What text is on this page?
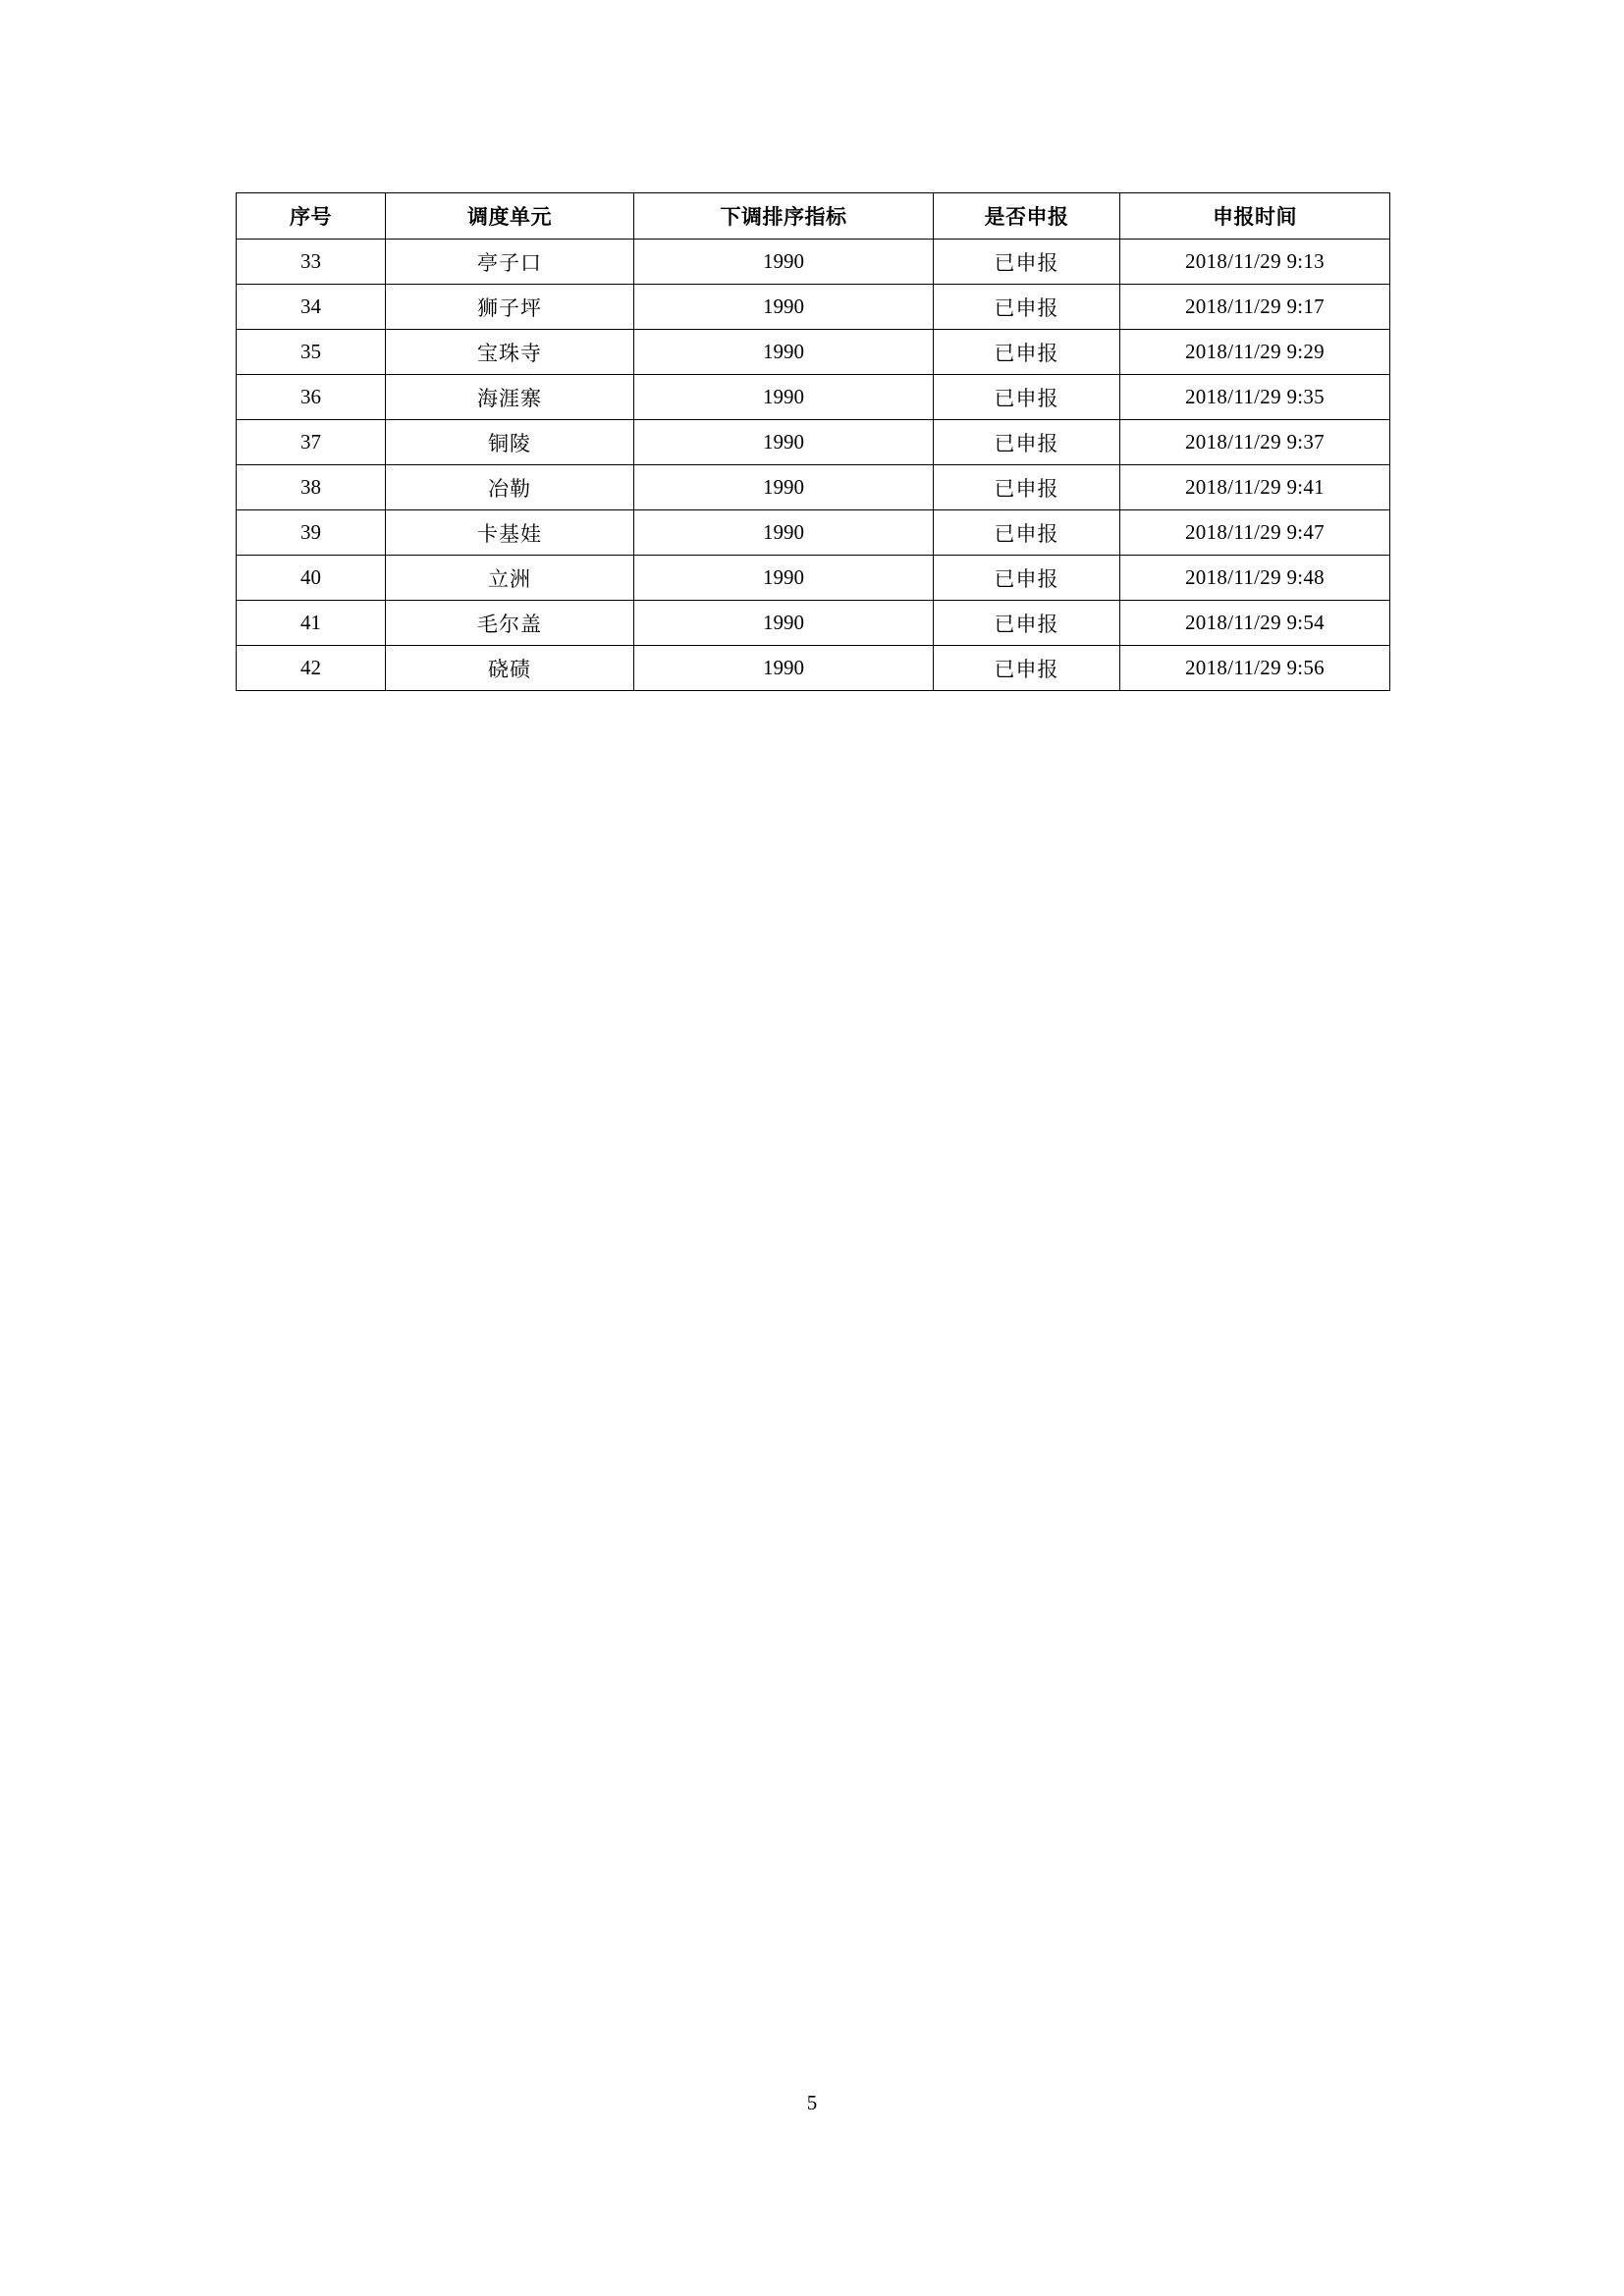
序号	调度单元	下调排序指标	是否申报	申报时间
33	亭子口	1990	已申报	2018/11/29 9:13
34	狮子坪	1990	已申报	2018/11/29 9:17
35	宝珠寺	1990	已申报	2018/11/29 9:29
36	海涯寨	1990	已申报	2018/11/29 9:35
37	铜陵	1990	已申报	2018/11/29 9:37
38	冶勒	1990	已申报	2018/11/29 9:41
39	卡基娃	1990	已申报	2018/11/29 9:47
40	立洲	1990	已申报	2018/11/29 9:48
41	毛尔盖	1990	已申报	2018/11/29 9:54
42	硗碛	1990	已申报	2018/11/29 9:56
5
